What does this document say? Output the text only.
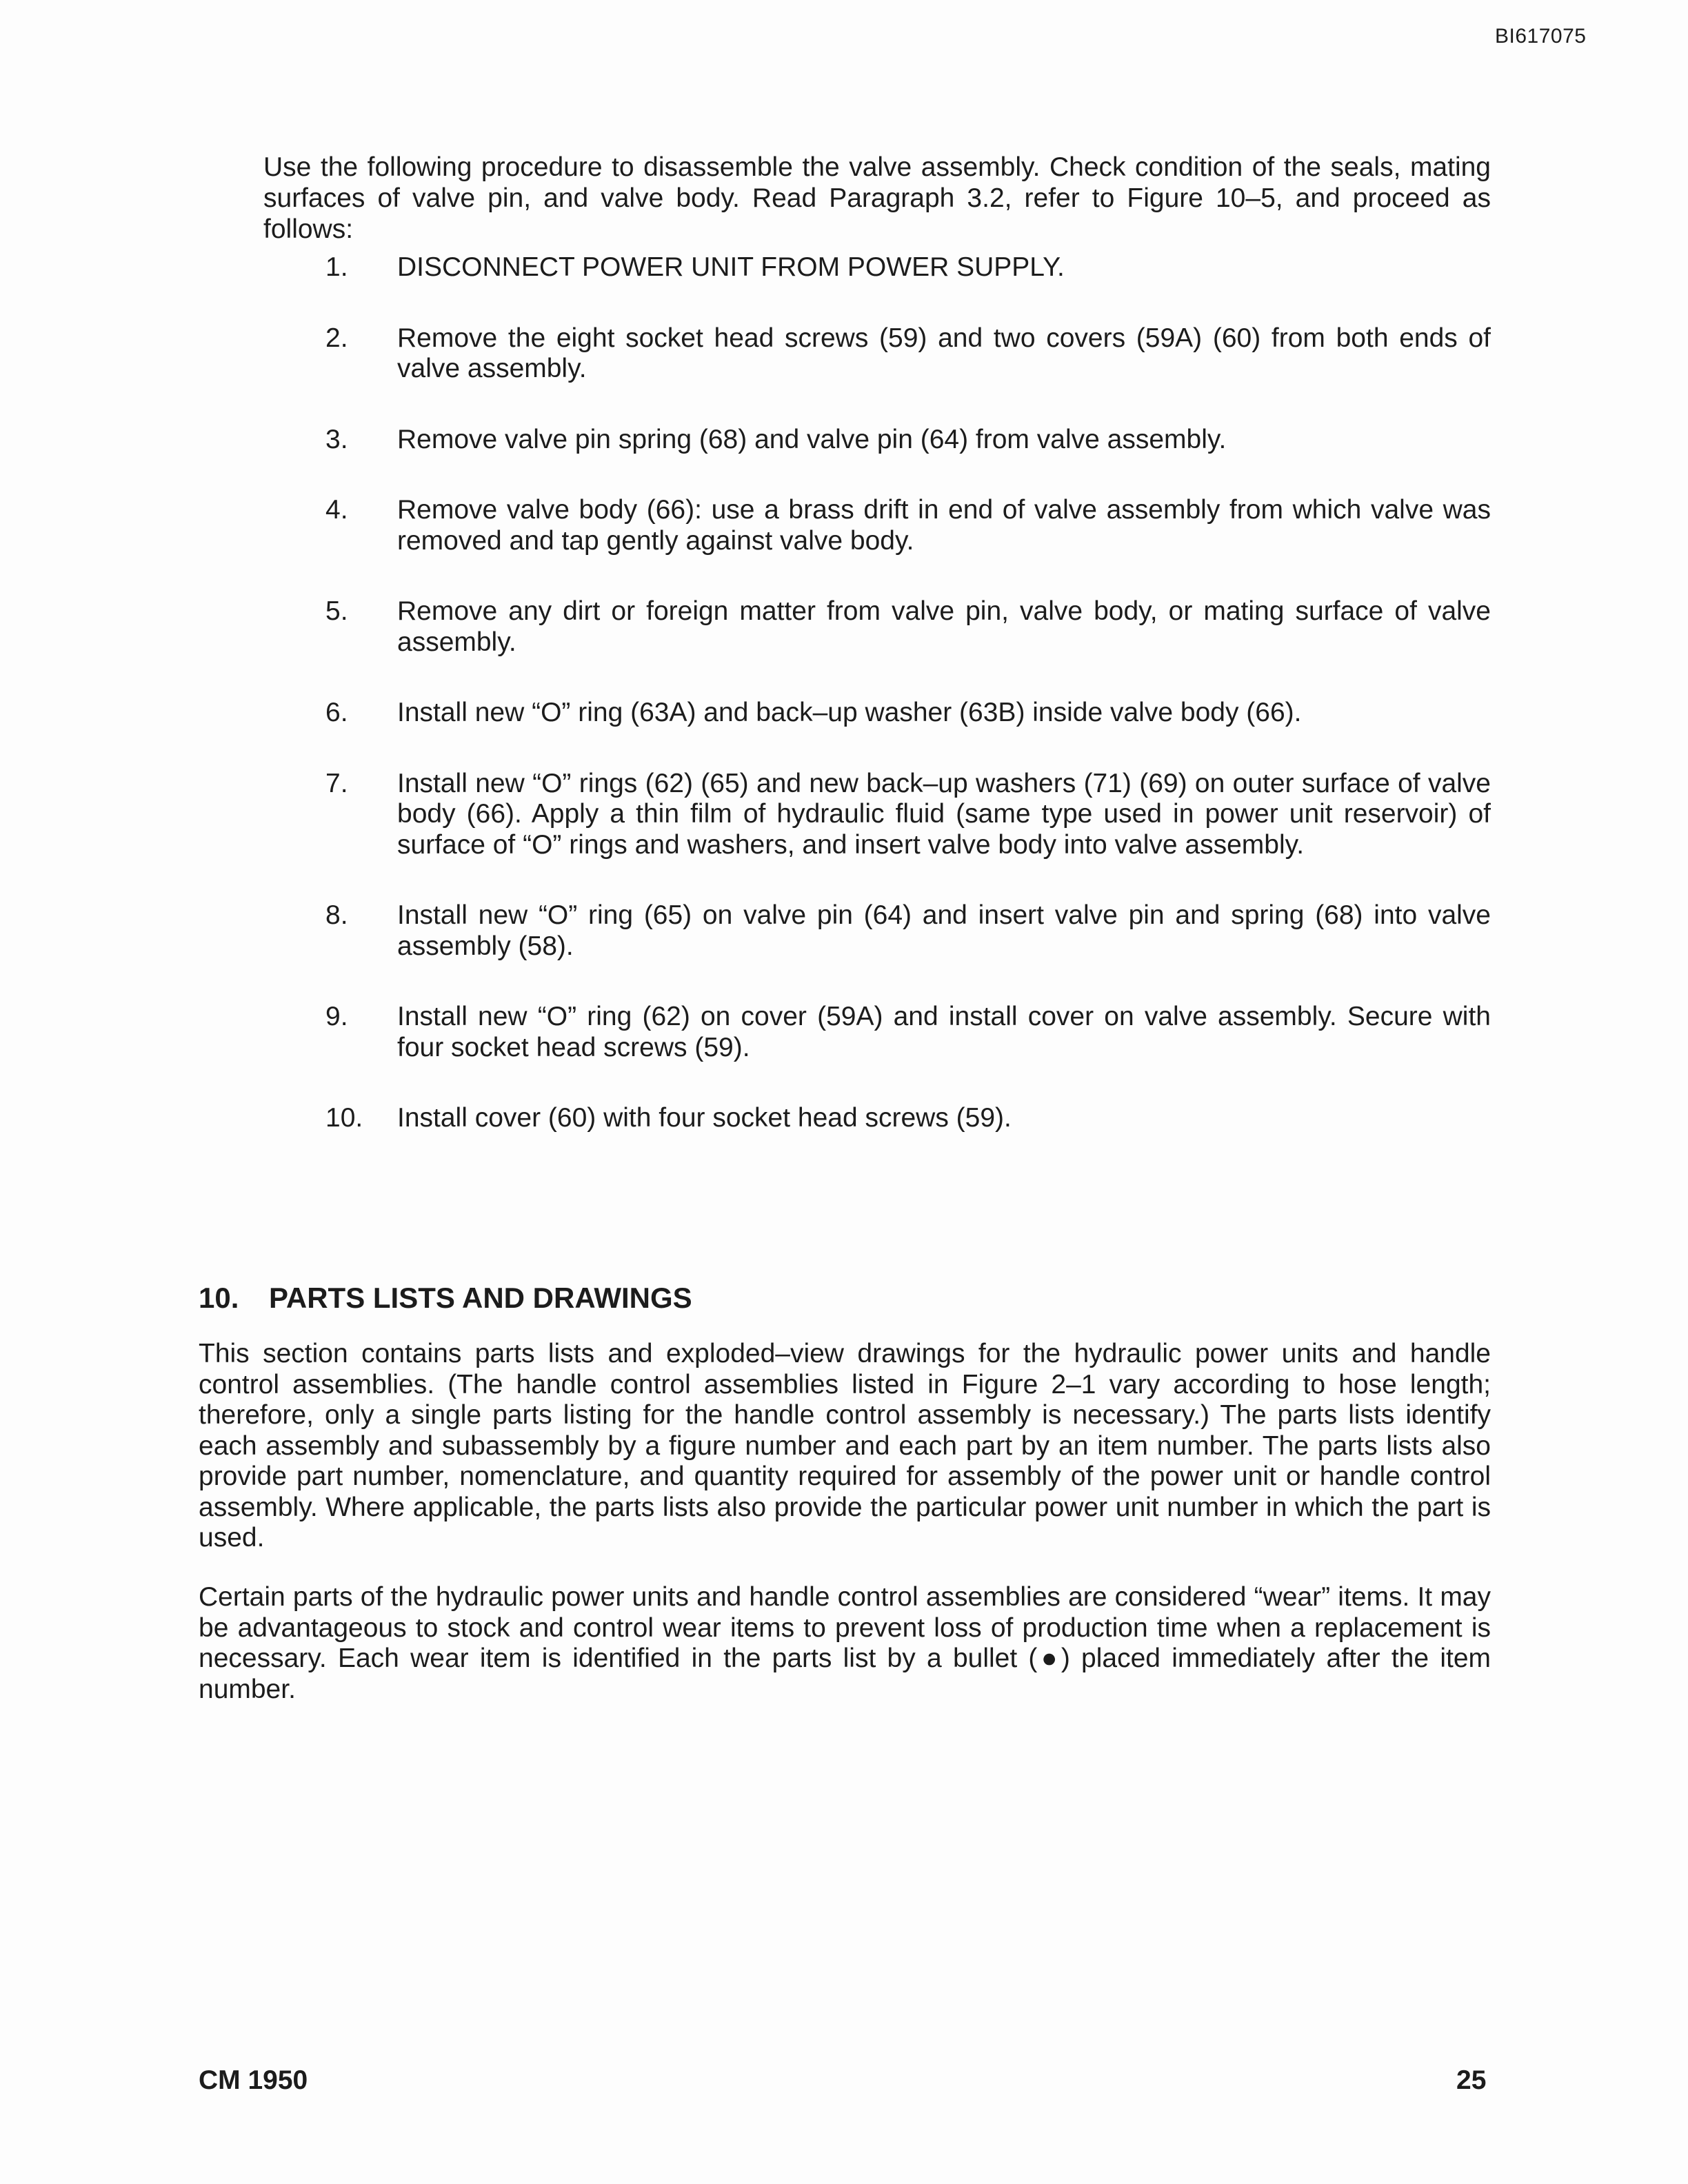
BI617075

Use the following procedure to disassemble the valve assembly. Check condition of the seals, mating surfaces of valve pin, and valve body. Read Paragraph 3.2, refer to Figure 10–5, and proceed as follows:

1. DISCONNECT POWER UNIT FROM POWER SUPPLY.
2. Remove the eight socket head screws (59) and two covers (59A) (60) from both ends of valve assembly.
3. Remove valve pin spring (68) and valve pin (64) from valve assembly.
4. Remove valve body (66): use a brass drift in end of valve assembly from which valve was removed and tap gently against valve body.
5. Remove any dirt or foreign matter from valve pin, valve body, or mating surface of valve assembly.
6. Install new “O” ring (63A) and back–up washer (63B) inside valve body (66).
7. Install new “O” rings (62) (65) and new back–up washers (71) (69) on outer surface of valve body (66). Apply a thin film of hydraulic fluid (same type used in power unit reservoir) of surface of “O” rings and washers, and insert valve body into valve assembly.
8. Install new “O” ring (65) on valve pin (64) and insert valve pin and spring (68) into valve assembly (58).
9. Install new “O” ring (62) on cover (59A) and install cover on valve assembly. Secure with four socket head screws (59).
10. Install cover (60) with four socket head screws (59).
10. PARTS LISTS AND DRAWINGS

This section contains parts lists and exploded–view drawings for the hydraulic power units and handle control assemblies. (The handle control assemblies listed in Figure 2–1 vary according to hose length; therefore, only a single parts listing for the handle control assembly is necessary.) The parts lists identify each assembly and subassembly by a figure number and each part by an item number. The parts lists also provide part number, nomenclature, and quantity required for assembly of the power unit or handle control assembly. Where applicable, the parts lists also provide the particular power unit number in which the part is used.

Certain parts of the hydraulic power units and handle control assemblies are considered “wear” items. It may be advantageous to stock and control wear items to prevent loss of production time when a replacement is necessary. Each wear item is identified in the parts list by a bullet (●) placed immediately after the item number.

CM 1950	25
